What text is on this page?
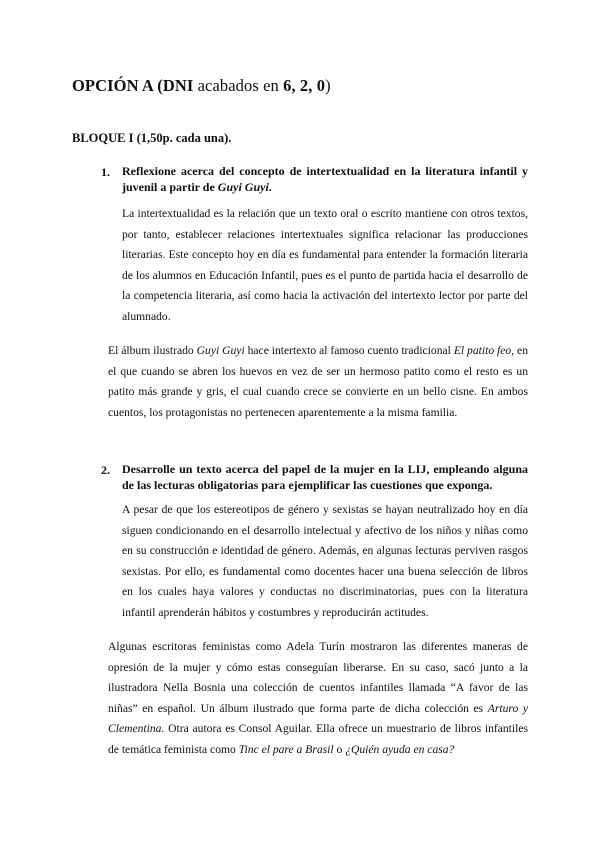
OPCIÓN A (DNI acabados en 6, 2, 0)
BLOQUE I (1,50p. cada una).
1. Reflexione acerca del concepto de intertextualidad en la literatura infantil y juvenil a partir de Guyi Guyi.

La intertextualidad es la relación que un texto oral o escrito mantiene con otros textos, por tanto, establecer relaciones intertextuales significa relacionar las producciones literarias. Este concepto hoy en día es fundamental para entender la formación literaria de los alumnos en Educación Infantil, pues es el punto de partida hacia el desarrollo de la competencia literaria, así como hacia la activación del intertexto lector por parte del alumnado.

El álbum ilustrado Guyi Guyi hace intertexto al famoso cuento tradicional El patito feo, en el que cuando se abren los huevos en vez de ser un hermoso patito como el resto es un patito más grande y gris, el cual cuando crece se convierte en un bello cisne. En ambos cuentos, los protagonistas no pertenecen aparentemente a la misma familia.

2. Desarrolle un texto acerca del papel de la mujer en la LIJ, empleando alguna de las lecturas obligatorias para ejemplificar las cuestiones que exponga.

A pesar de que los estereotipos de género y sexistas se hayan neutralizado hoy en día siguen condicionando en el desarrollo intelectual y afectivo de los niños y niñas como en su construcción e identidad de género. Además, en algunas lecturas perviven rasgos sexistas. Por ello, es fundamental como docentes hacer una buena selección de libros en los cuales haya valores y conductas no discriminatorias, pues con la literatura infantil aprenderán hábitos y costumbres y reproducirán actitudes.

Algunas escritoras feministas como Adela Turín mostraron las diferentes maneras de opresión de la mujer y cómo estas conseguían liberarse. En su caso, sacó junto a la ilustradora Nella Bosnia una colección de cuentos infantiles llamada “A favor de las niñas” en español. Un álbum ilustrado que forma parte de dicha colección es Arturo y Clementina. Otra autora es Consol Aguilar. Ella ofrece un muestrario de libros infantiles de temática feminista como Tinc el pare a Brasil o ¿Quién ayuda en casa?
